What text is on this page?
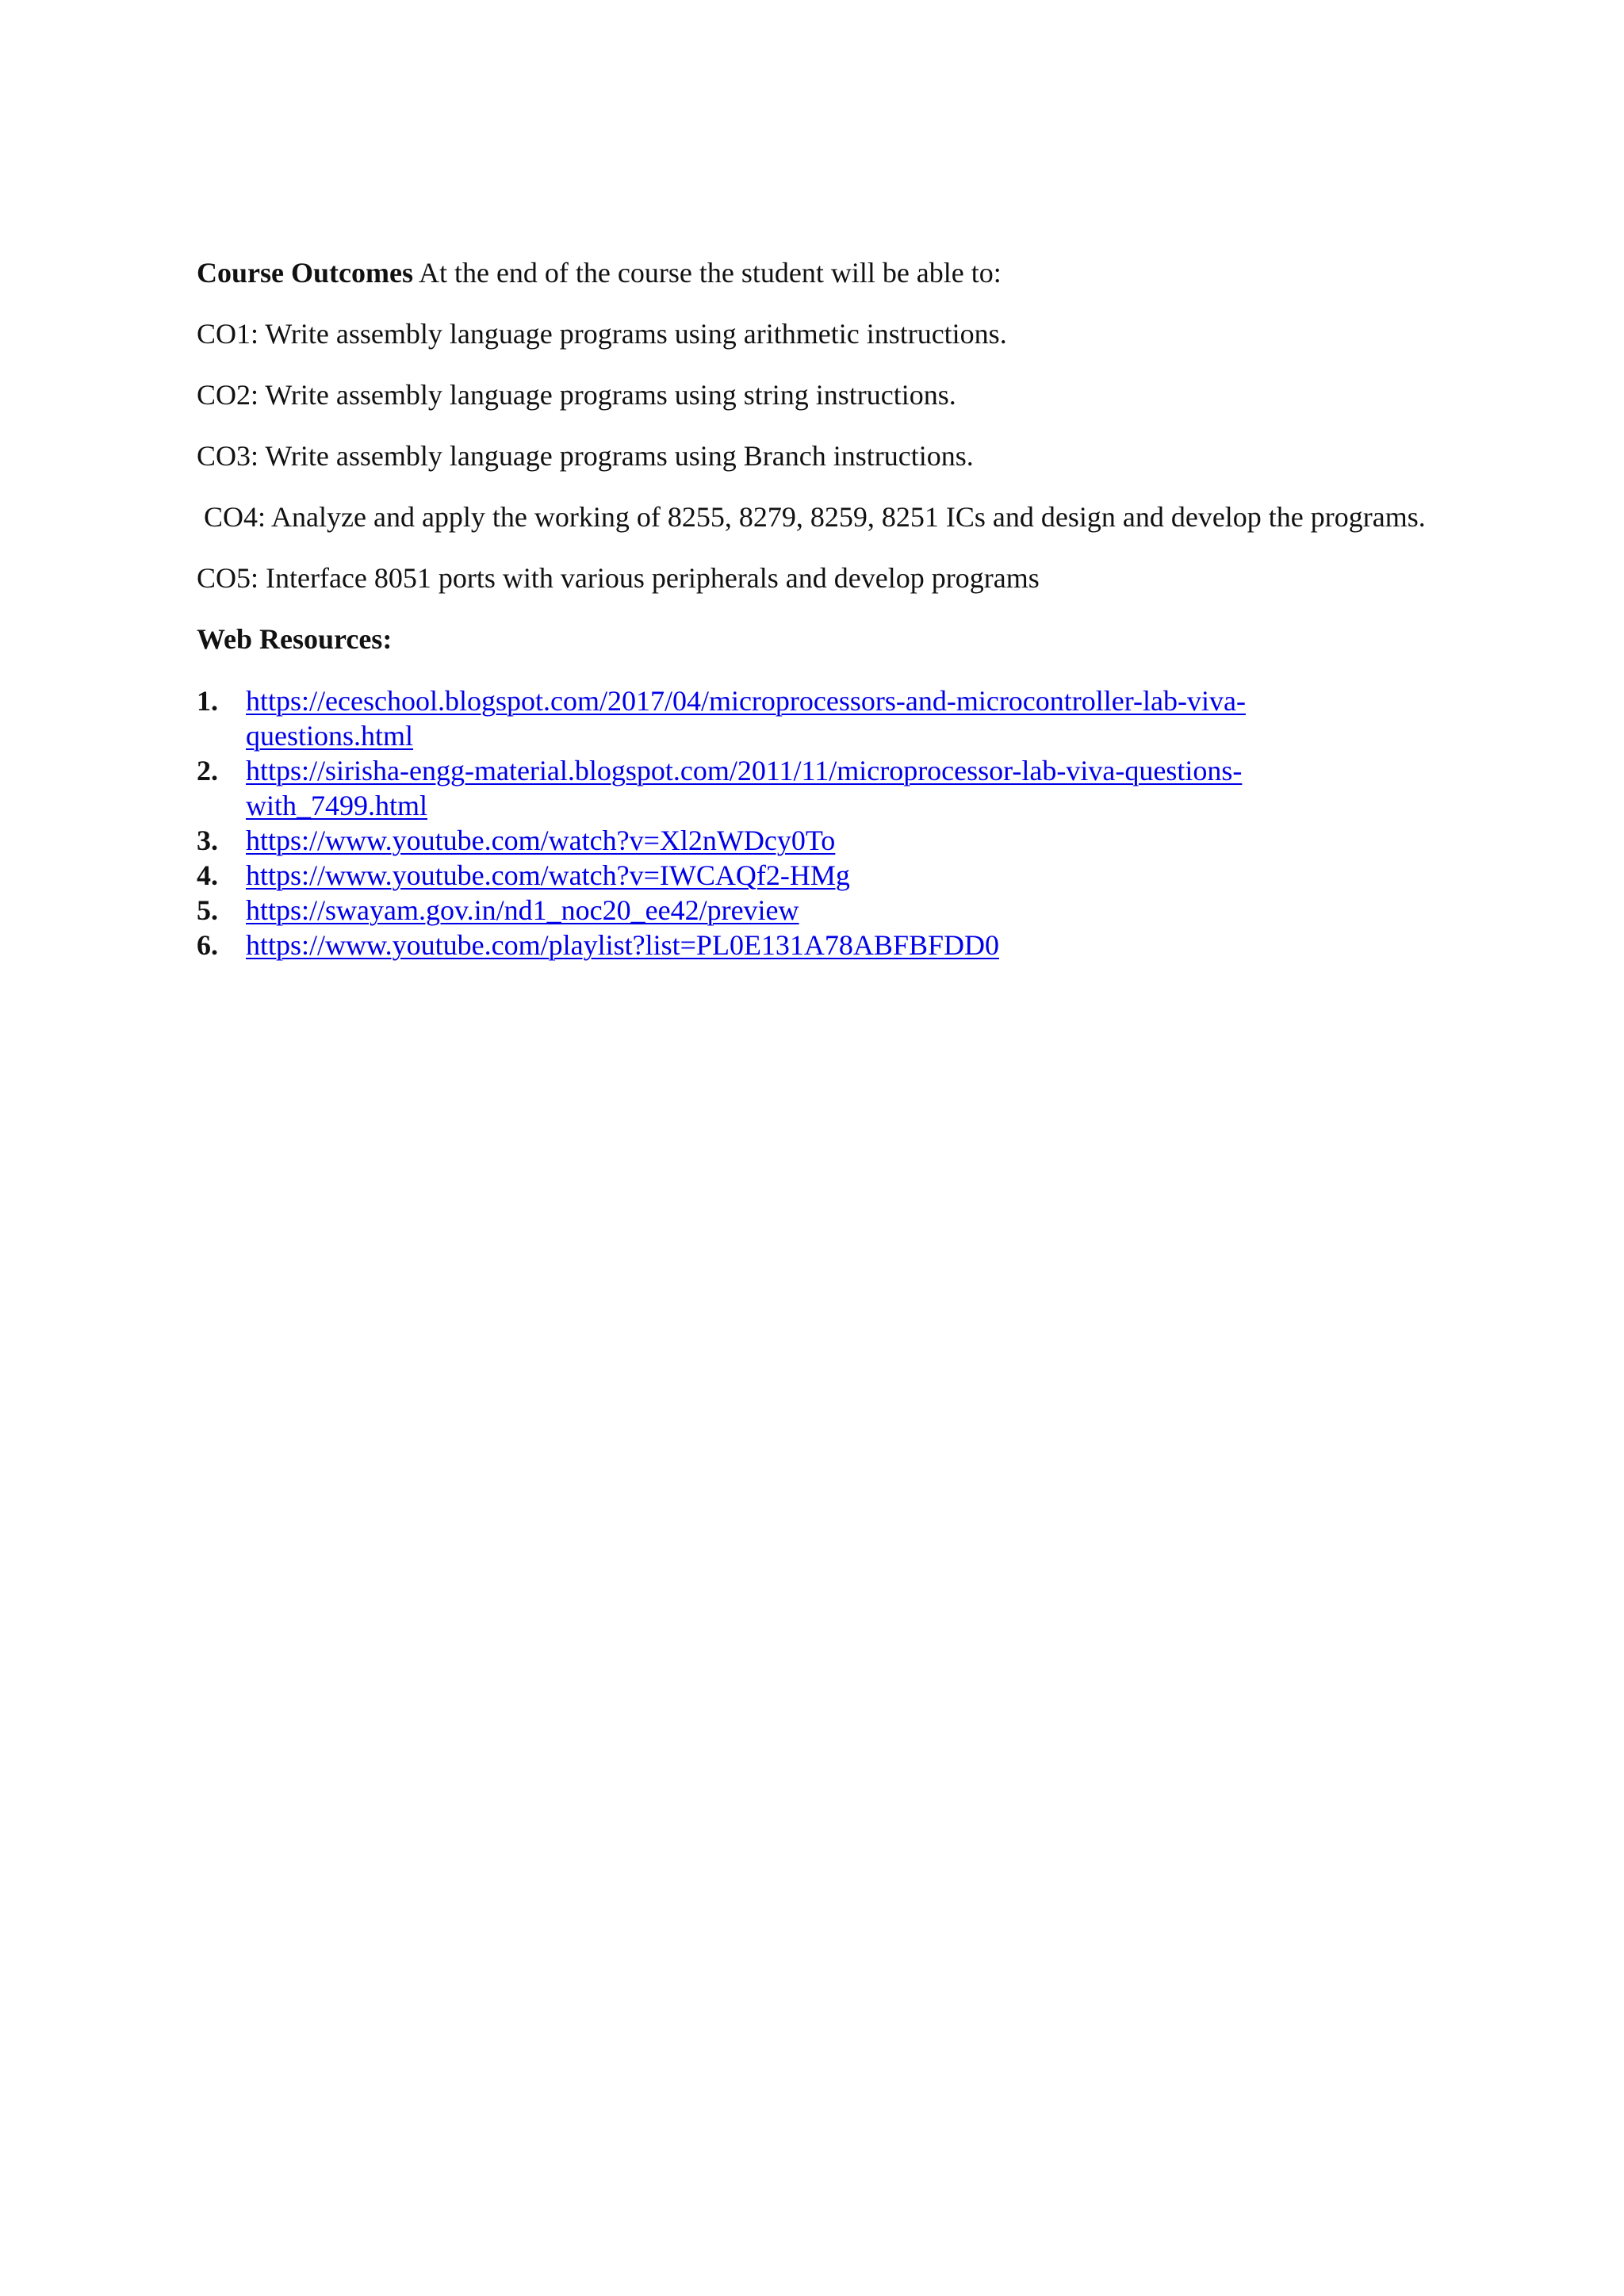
Course Outcomes At the end of the course the student will be able to:

CO1: Write assembly language programs using arithmetic instructions.

CO2: Write assembly language programs using string instructions.

CO3: Write assembly language programs using Branch instructions.

CO4: Analyze and apply the working of 8255, 8279, 8259, 8251 ICs and design and develop the programs.

CO5: Interface 8051 ports with various peripherals and develop programs

Web Resources:

1. https://eceschool.blogspot.com/2017/04/microprocessors-and-microcontroller-lab-viva-
questions.html
2. https://sirisha-engg-material.blogspot.com/2011/11/microprocessor-lab-viva-questions-
with_7499.html
3. https://www.youtube.com/watch?v=Xl2nWDcy0To
4. https://www.youtube.com/watch?v=IWCAQf2-HMg
5. https://swayam.gov.in/nd1_noc20_ee42/preview
6. https://www.youtube.com/playlist?list=PL0E131A78ABFBFDD0
